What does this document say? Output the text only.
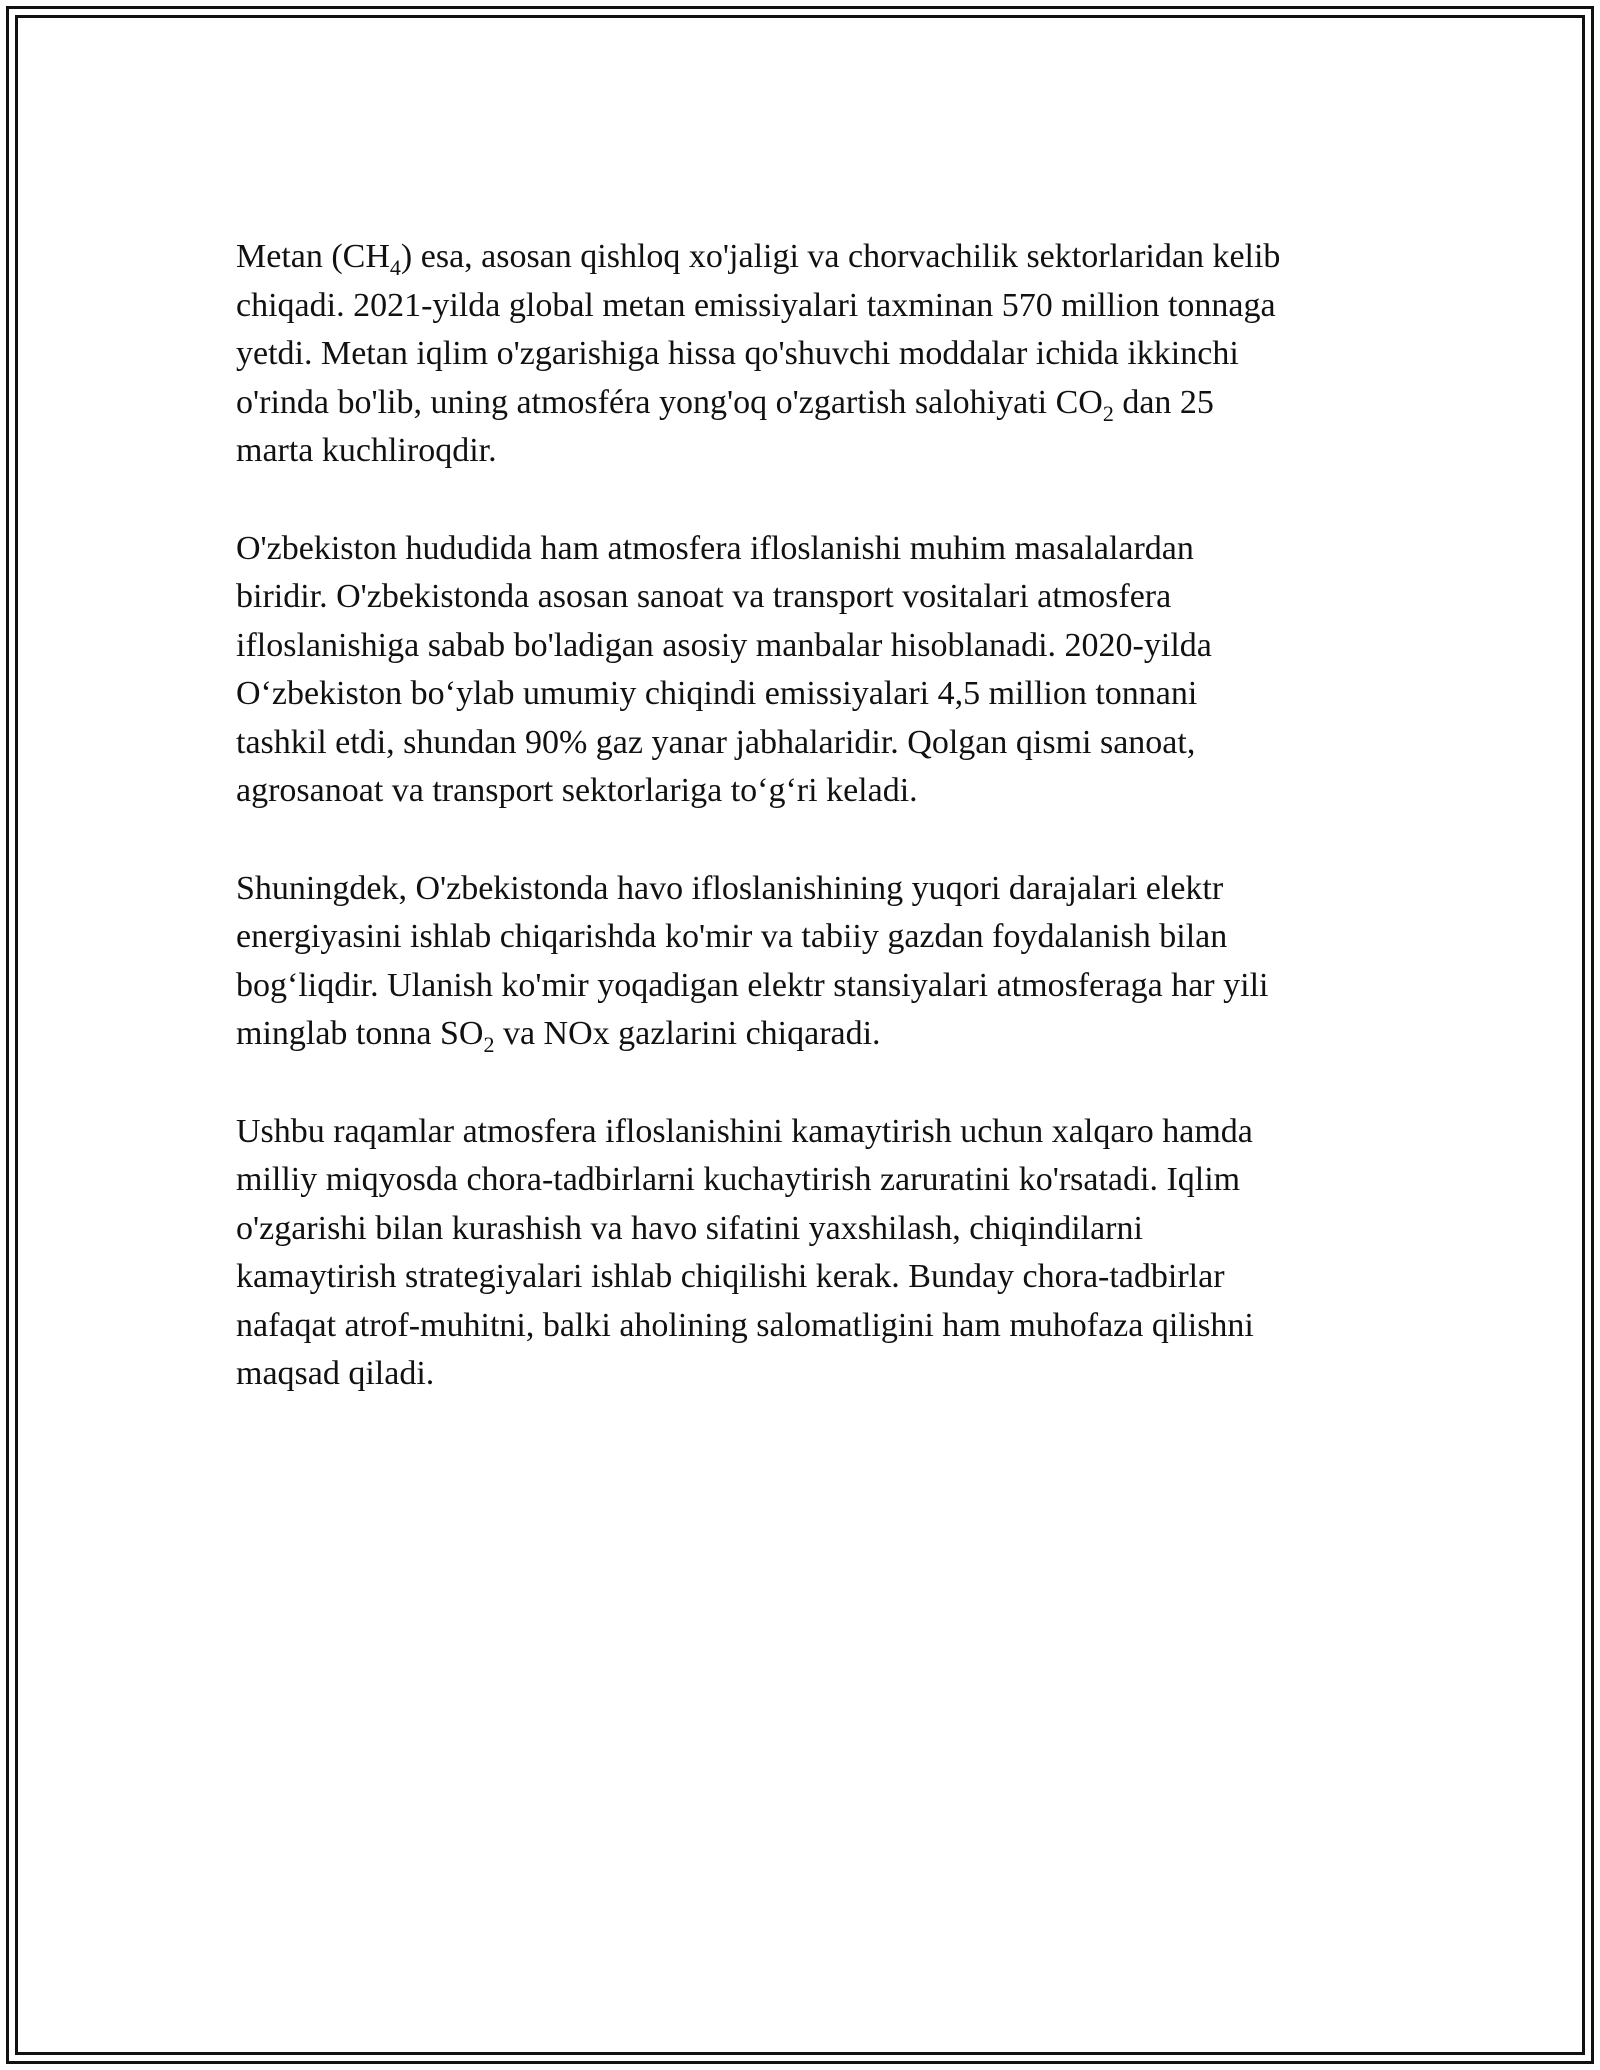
Metan $(CH_4)$ esa, asosan qishloq xo'jaligi va chorvachilik sektorlaridan kelib
chiqadi. 2021-yilda global metan emissiyalari taxminan 570 million tonnaga
yetdi. Metan iqlim o'zgarishiga hissa qo'shuvchi moddalar ichida ikkinchi
o'rinda bo'lib, uning atmosféra yong'oq o'zgartish salohiyati $CO_2$ dan 25
marta kuchliroqdir.

O'zbekiston hududida ham atmosfera ifloslanishi muhim masalalardan
biridir. O'zbekistonda asosan sanoat va transport vositalari atmosfera
ifloslanishiga sabab bo'ladigan asosiy manbalar hisoblanadi. 2020-yilda
O‘zbekiston bo‘ylab umumiy chiqindi emissiyalari 4,5 million tonnani
tashkil etdi, shundan 90% gaz yanar jabhalaridir. Qolgan qismi sanoat,
agrosanoat va transport sektorlariga to‘g‘ri keladi.

Shuningdek, O'zbekistonda havo ifloslanishining yuqori darajalari elektr
energiyasini ishlab chiqarishda ko'mir va tabiiy gazdan foydalanish bilan
bog‘liqdir. Ulanish ko'mir yoqadigan elektr stansiyalari atmosferaga har yili
minglab tonna $SO_2$ va NOx gazlarini chiqaradi.

Ushbu raqamlar atmosfera ifloslanishini kamaytirish uchun xalqaro hamda
milliy miqyosda chora-tadbirlarni kuchaytirish zaruratini ko'rsatadi. Iqlim
o'zgarishi bilan kurashish va havo sifatini yaxshilash, chiqindilarni
kamaytirish strategiyalari ishlab chiqilishi kerak. Bunday chora-tadbirlar
nafaqat atrof-muhitni, balki aholining salomatligini ham muhofaza qilishni
maqsad qiladi.
